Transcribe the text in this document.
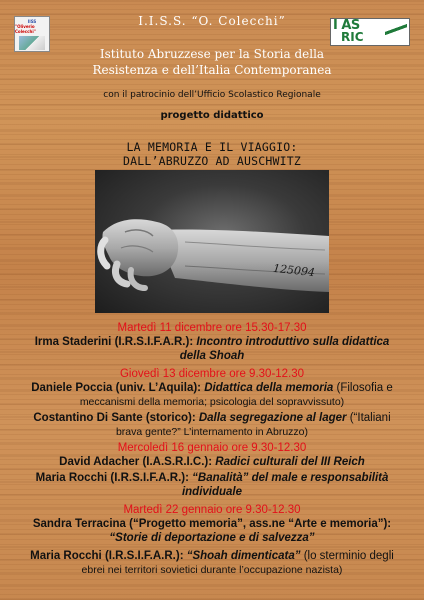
IISS
"Oliverio Colecchi"	I AS
RIC
I.I.S.S. “O. Colecchi”
Istituto Abruzzese per la Storia della
Resistenza e dell’Italia Contemporanea
con il patrocinio dell’Ufficio Scolastico Regionale
progetto didattico
LA MEMORIA E IL VIAGGIO:
DALL’ABRUZZO AD AUSCHWITZ
125094
Martedì 11 dicembre ore 15.30-17.30
Irma Staderini (I.R.S.I.F.A.R.): Incontro introduttivo sulla didattica
della Shoah
Giovedì 13 dicembre ore 9.30-12.30
Daniele Poccia (univ. L’Aquila): Didattica della memoria (Filosofia e
meccanismi della memoria; psicologia del sopravvissuto)
Costantino Di Sante (storico): Dalla segregazione al lager (“Italiani
brava gente?” L’internamento in Abruzzo)
Mercoledì 16 gennaio ore 9.30-12.30
David Adacher (I.A.S.R.I.C.): Radici culturali del III Reich
Maria Rocchi (I.R.S.I.F.A.R.): “Banalità” del male e responsabilità
individuale
Martedì 22 gennaio ore 9.30-12.30
Sandra Terracina (“Progetto memoria”, ass.ne “Arte e memoria”):
“Storie di deportazione e di salvezza”
Maria Rocchi (I.R.S.I.F.A.R.): “Shoah dimenticata” (lo sterminio degli
ebrei nei territori sovietici durante l’occupazione nazista)
